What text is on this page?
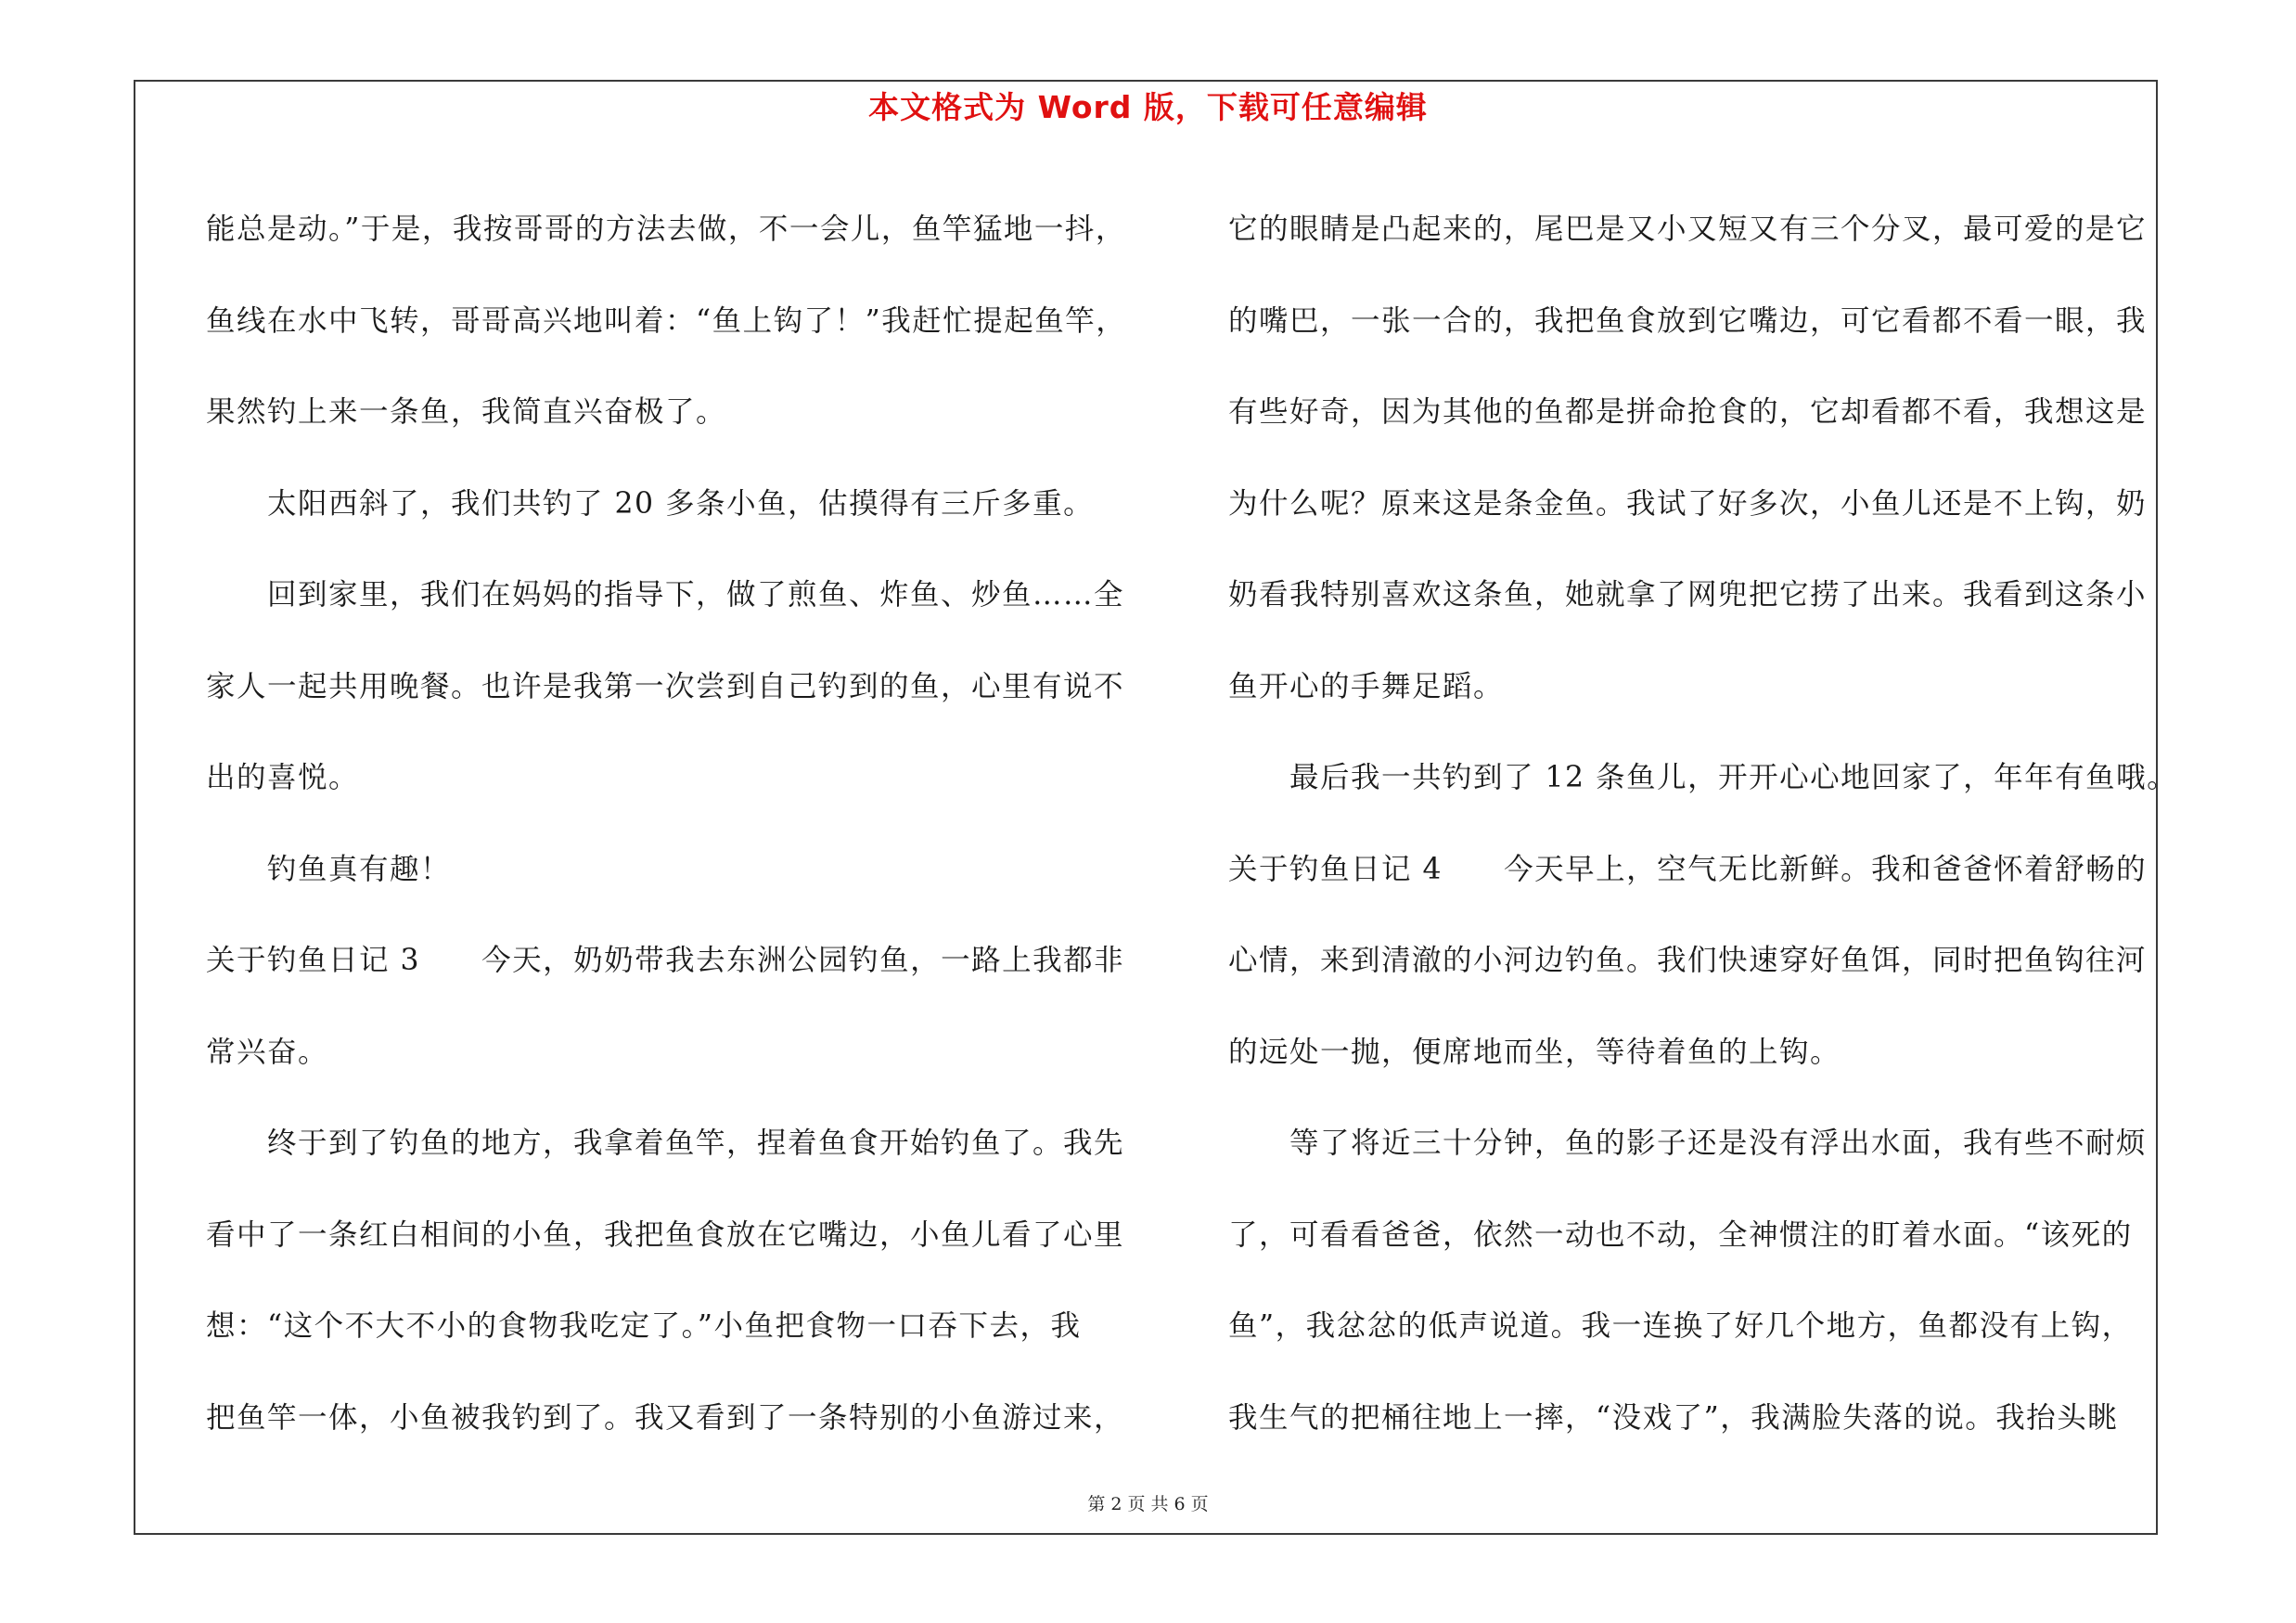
本文格式为 Word 版，下载可任意编辑
能总是动。”于是，我按哥哥的方法去做，不一会儿，鱼竿猛地一抖，
鱼线在水中飞转，哥哥高兴地叫着：“鱼上钩了！”我赶忙提起鱼竿，
果然钓上来一条鱼，我简直兴奋极了。
太阳西斜了，我们共钓了 20 多条小鱼，估摸得有三斤多重。
回到家里，我们在妈妈的指导下，做了煎鱼、炸鱼、炒鱼……全
家人一起共用晚餐。也许是我第一次尝到自己钓到的鱼，心里有说不
出的喜悦。
钓鱼真有趣！
关于钓鱼日记 3 今天，奶奶带我去东洲公园钓鱼，一路上我都非
常兴奋。
终于到了钓鱼的地方，我拿着鱼竿，捏着鱼食开始钓鱼了。我先
看中了一条红白相间的小鱼，我把鱼食放在它嘴边，小鱼儿看了心里
想：“这个不大不小的食物我吃定了。”小鱼把食物一口吞下去，我
把鱼竿一体，小鱼被我钓到了。我又看到了一条特别的小鱼游过来，
它的眼睛是凸起来的，尾巴是又小又短又有三个分叉，最可爱的是它
的嘴巴，一张一合的，我把鱼食放到它嘴边，可它看都不看一眼，我
有些好奇，因为其他的鱼都是拼命抢食的，它却看都不看，我想这是
为什么呢？原来这是条金鱼。我试了好多次，小鱼儿还是不上钩，奶
奶看我特别喜欢这条鱼，她就拿了网兜把它捞了出来。我看到这条小
鱼开心的手舞足蹈。
最后我一共钓到了 12 条鱼儿，开开心心地回家了，年年有鱼哦。
关于钓鱼日记 4 今天早上，空气无比新鲜。我和爸爸怀着舒畅的
心情，来到清澈的小河边钓鱼。我们快速穿好鱼饵，同时把鱼钩往河
的远处一抛，便席地而坐，等待着鱼的上钩。
等了将近三十分钟，鱼的影子还是没有浮出水面，我有些不耐烦
了，可看看爸爸，依然一动也不动，全神惯注的盯着水面。“该死的
鱼”，我忿忿的低声说道。我一连换了好几个地方，鱼都没有上钩，
我生气的把桶往地上一摔，“没戏了”，我满脸失落的说。我抬头眺
第 2 页 共 6 页
